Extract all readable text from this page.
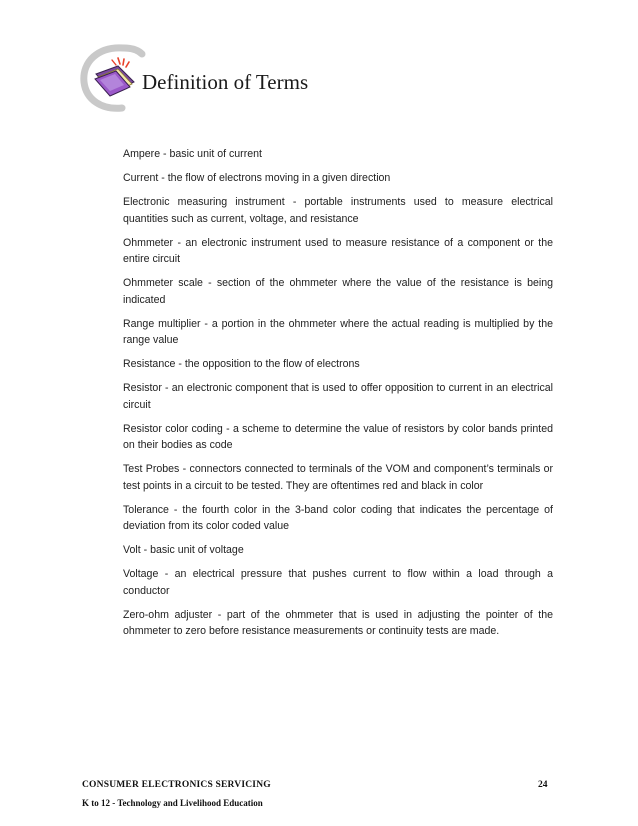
Definition of Terms

Ampere - basic unit of current

Current - the flow of electrons moving in a given direction

Electronic measuring instrument - portable instruments used to measure electrical quantities such as current, voltage, and resistance

Ohmmeter - an electronic instrument used to measure resistance of a component or the entire circuit

Ohmmeter scale - section of the ohmmeter where the value of the resistance is being indicated

Range multiplier - a portion in the ohmmeter where the actual reading is multiplied by the range value

Resistance - the opposition to the flow of electrons

Resistor - an electronic component that is used to offer opposition to current in an electrical circuit

Resistor color coding - a scheme to determine the value of resistors by color bands printed on their bodies as code

Test Probes - connectors connected to terminals of the VOM and component’s terminals or test points in a circuit to be tested. They are oftentimes red and black in color

Tolerance - the fourth color in the 3-band color coding that indicates the percentage of deviation from its color coded value

Volt - basic unit of voltage

Voltage - an electrical pressure that pushes current to flow within a load through a conductor

Zero-ohm adjuster - part of the ohmmeter that is used in adjusting the pointer of the ohmmeter to zero before resistance measurements or continuity tests are made.

CONSUMER ELECTRONICS SERVICING
K to 12 - Technology and Livelihood Education
24
